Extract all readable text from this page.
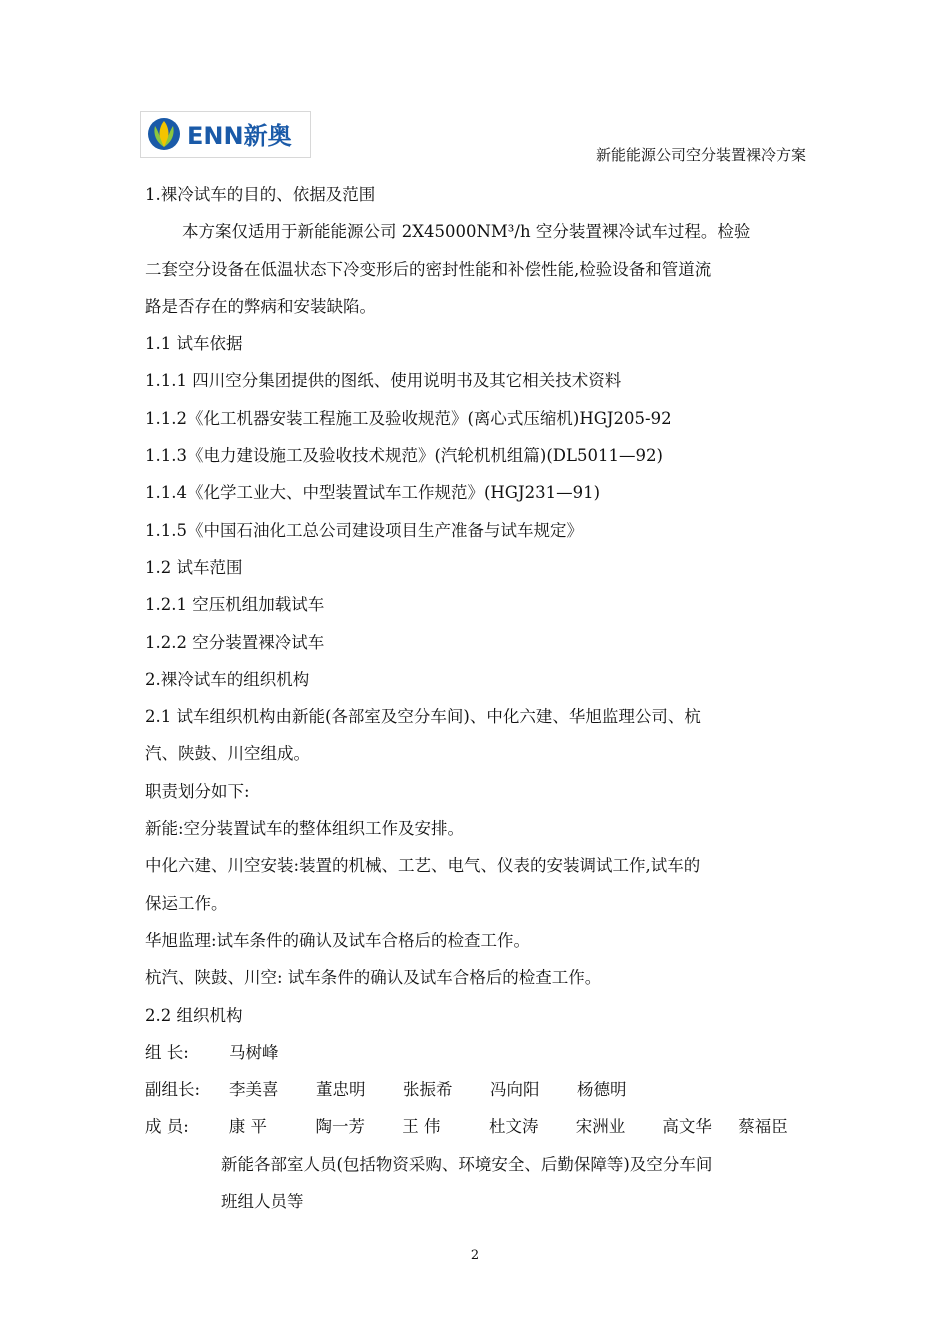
ENN新奥
新能能源公司空分装置裸冷方案
1.裸冷试车的目的、依据及范围
本方案仅适用于新能能源公司 2X45000NM³/h 空分装置裸冷试车过程。检验
二套空分设备在低温状态下冷变形后的密封性能和补偿性能,检验设备和管道流
路是否存在的弊病和安装缺陷。
1.1 试车依据
1.1.1 四川空分集团提供的图纸、使用说明书及其它相关技术资料
1.1.2《化工机器安装工程施工及验收规范》(离心式压缩机)HGJ205-92
1.1.3《电力建设施工及验收技术规范》(汽轮机机组篇)(DL5011—92)
1.1.4《化学工业大、中型装置试车工作规范》(HGJ231—91)
1.1.5《中国石油化工总公司建设项目生产准备与试车规定》
1.2 试车范围
1.2.1 空压机组加载试车
1.2.2 空分装置裸冷试车
2.裸冷试车的组织机构
2.1 试车组织机构由新能(各部室及空分车间)、中化六建、华旭监理公司、杭
汽、陕鼓、川空组成。
职责划分如下:
新能:空分装置试车的整体组织工作及安排。
中化六建、川空安装:装置的机械、工艺、电气、仪表的安装调试工作,试车的
保运工作。
华旭监理:试车条件的确认及试车合格后的检查工作。
杭汽、陕鼓、川空: 试车条件的确认及试车合格后的检查工作。
2.2 组织机构
组 长:	马树峰
副组长:	李美喜	董忠明	张振希	冯向阳	杨德明
成 员:	康 平	陶一芳	王 伟	杜文涛	宋洲业	高文华	蔡福臣
新能各部室人员(包括物资采购、环境安全、后勤保障等)及空分车间
班组人员等
2
